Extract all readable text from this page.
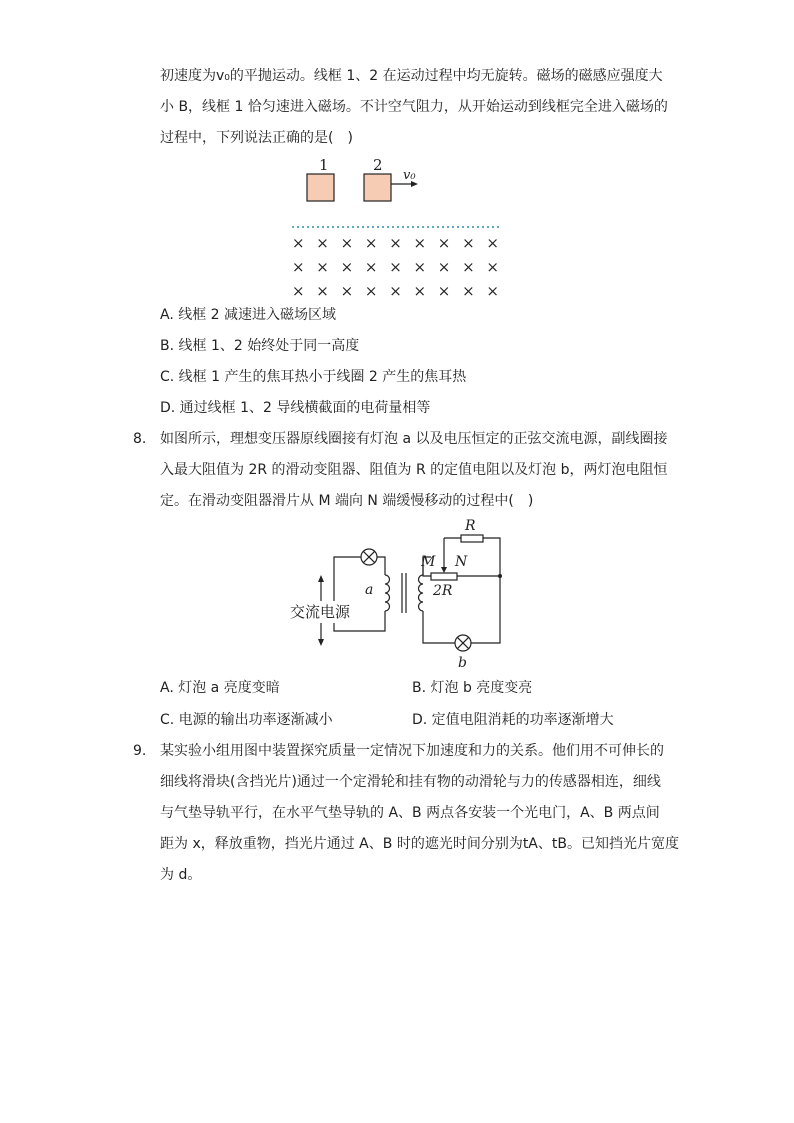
初速度为v₀的平抛运动。线框 1、2 在运动过程中均无旋转。磁场的磁感应强度大
小 B，线框 1 恰匀速进入磁场。不计空气阻力，从开始运动到线框完全进入磁场的
过程中，下列说法正确的是(　)
1	2
v₀
× × × × × × × × ×
× × × × × × × × ×
× × × × × × × × ×
A. 线框 2 减速进入磁场区域
B. 线框 1、2 始终处于同一高度
C. 线框 1 产生的焦耳热小于线圈 2 产生的焦耳热
D. 通过线框 1、2 导线横截面的电荷量相等
8. 如图所示，理想变压器原线圈接有灯泡 a 以及电压恒定的正弦交流电源，副线圈接
入最大阻值为 2R 的滑动变阻器、阻值为 R 的定值电阻以及灯泡 b，两灯泡电阻恒
定。在滑动变阻器滑片从 M 端向 N 端缓慢移动的过程中(　)
交流电源
a
b
R
M N
2R
A. 灯泡 a 亮度变暗	B. 灯泡 b 亮度变亮
C. 电源的输出功率逐渐减小	D. 定值电阻消耗的功率逐渐增大
9. 某实验小组用图中装置探究质量一定情况下加速度和力的关系。他们用不可伸长的
细线将滑块(含挡光片)通过一个定滑轮和挂有物的动滑轮与力的传感器相连，细线
与气垫导轨平行，在水平气垫导轨的 A、B 两点各安装一个光电门，A、B 两点间
距为 x，释放重物，挡光片通过 A、B 时的遮光时间分别为tA、tB。已知挡光片宽度
为 d。
